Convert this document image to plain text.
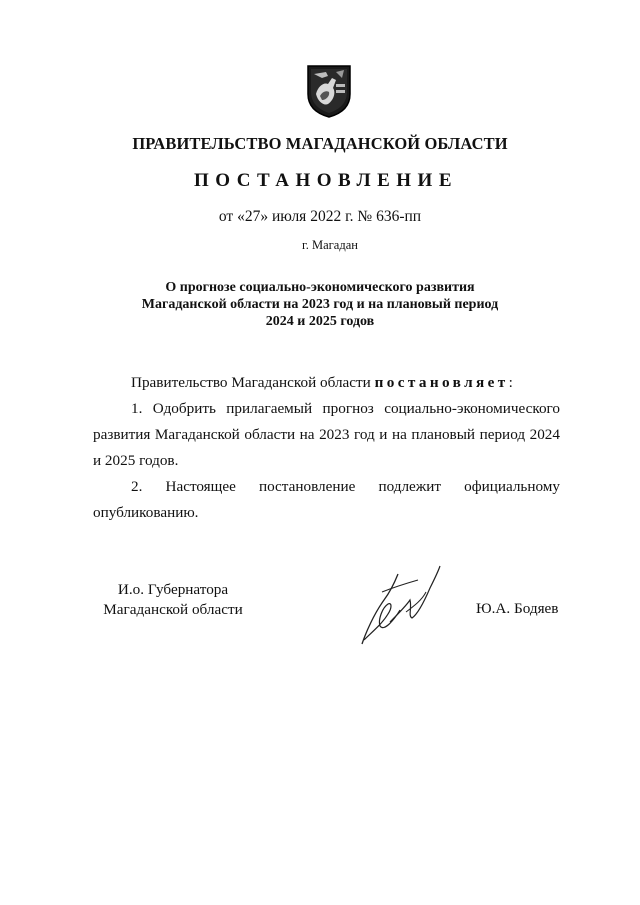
ПРАВИТЕЛЬСТВО МАГАДАНСКОЙ ОБЛАСТИ
ПОСТАНОВЛЕНИЕ
от «27» июля 2022 г. № 636-пп
г. Магадан
О прогнозе социально-экономического развития
Магаданской области на 2023 год и на плановый период
2024 и 2025 годов
Правительство Магаданской области постановляет:
1. Одобрить прилагаемый прогноз социально-экономического развития Магаданской области на 2023 год и на плановый период 2024 и 2025 годов.
2. Настоящее постановление подлежит официальному опубликованию.
И.о. Губернатора
Магаданской области	Ю.А. Бодяев
